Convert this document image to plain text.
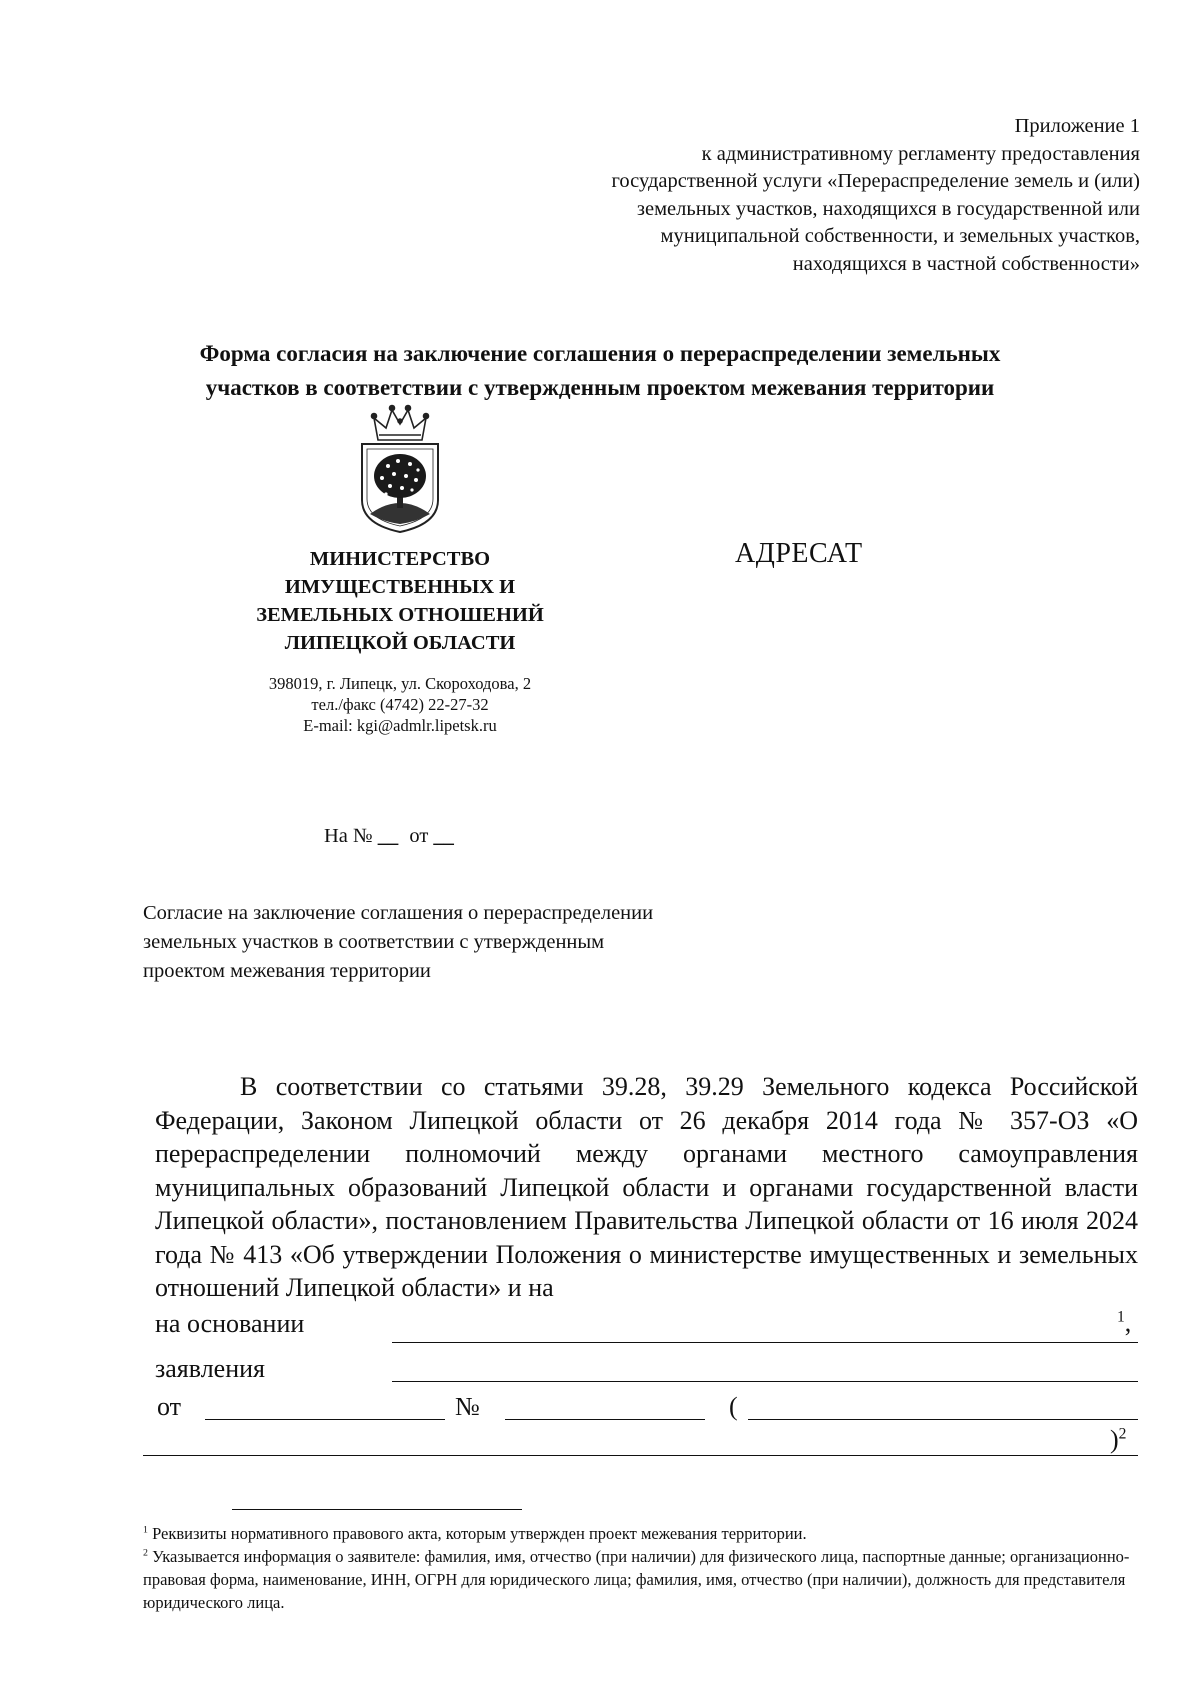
Приложение 1
к административному регламенту предоставления
государственной услуги «Перераспределение земель и (или)
земельных участков, находящихся в государственной или
муниципальной собственности, и земельных участков,
находящихся в частной собственности»
Форма согласия на заключение соглашения о перераспределении земельных
участков в соответствии с утвержденным проектом межевания территории
МИНИСТЕРСТВО
ИМУЩЕСТВЕННЫХ И
ЗЕМЕЛЬНЫХ ОТНОШЕНИЙ
ЛИПЕЦКОЙ ОБЛАСТИ
398019, г. Липецк, ул. Скороходова, 2
тел./факс (4742) 22-27-32
E-mail: kgi@admlr.lipetsk.ru
АДРЕСАТ
На № __ от __
Согласие на заключение соглашения о перераспределении
земельных участков в соответствии с утвержденным
проектом межевания территории

В соответствии со статьями 39.28, 39.29 Земельного кодекса Российской Федерации, Законом Липецкой области от 26 декабря 2014 года № 357-ОЗ «О перераспределении полномочий между органами местного самоуправления муниципальных образований Липецкой области и органами государственной власти Липецкой области», постановлением Правительства Липецкой области от 16 июля 2024 года № 413 «Об утверждении Положения о министерстве имущественных и земельных отношений Липецкой области» и на

на основании	$^1$,
заявления
от	№	(
)$^2$

$^1$ Реквизиты нормативного правового акта, которым утвержден проект межевания территории.

$^2$ Указывается информация о заявителе: фамилия, имя, отчество (при наличии) для физического лица, паспортные данные; организационно-правовая форма, наименование, ИНН, ОГРН для юридического лица; фамилия, имя, отчество (при наличии), должность для представителя юридического лица.
